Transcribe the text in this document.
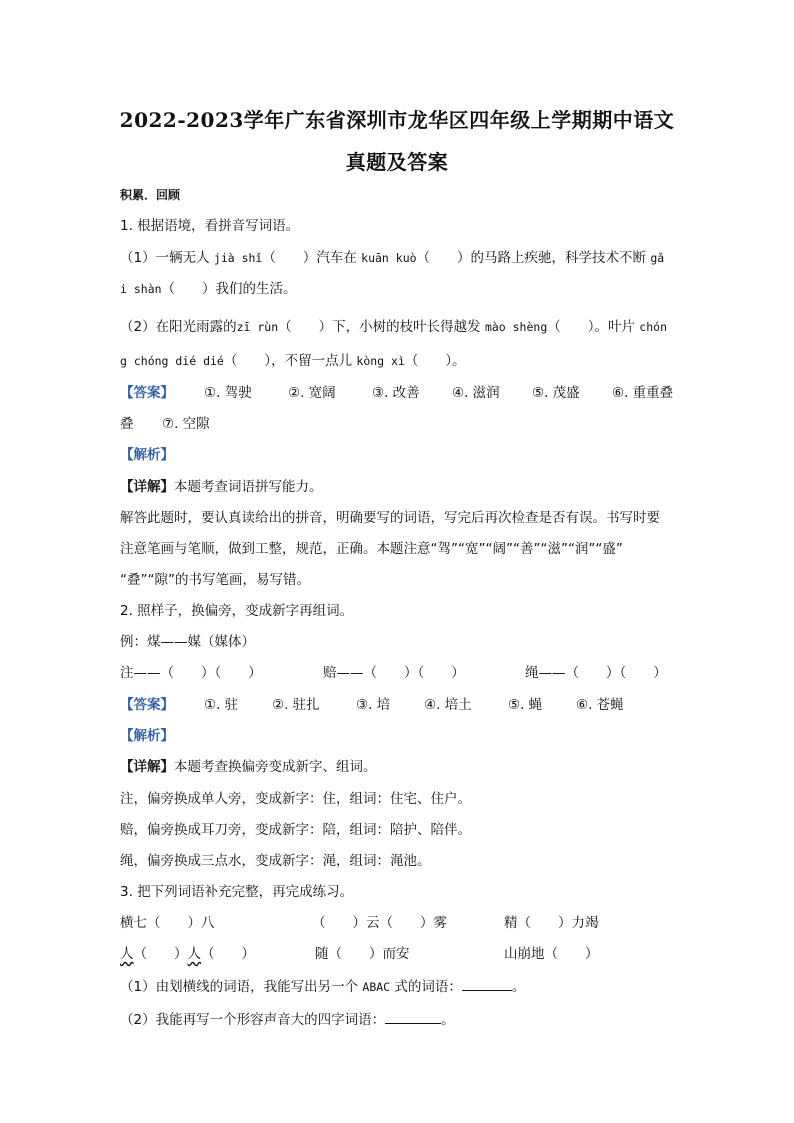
2022-2023学年广东省深圳市龙华区四年级上学期期中语文
真题及答案
积累．回顾
1. 根据语境，看拼音写词语。
（1）一辆无人 jià shǐ（　　）汽车在 kuān kuò（　　）的马路上疾驰，科学技术不断 gǎ
i shàn（　　）我们的生活。
（2）在阳光雨露的zī rùn（　　）下，小树的枝叶长得越发 mào shèng（　　）。叶片 chón
g chóng dié dié（　　），不留一点儿 kòng xì（　　）。
【答案】 ①. 驾驶	②. 宽阔	③. 改善 ④. 滋润 ⑤. 茂盛 ⑥. 重重叠
叠 ⑦. 空隙
【解析】
【详解】本题考查词语拼写能力。
解答此题时，要认真读给出的拼音，明确要写的词语，写完后再次检查是否有误。书写时要
注意笔画与笔顺，做到工整，规范，正确。本题注意“驾”“宽”“阔”“善”“滋”“润”“盛”
“叠”“隙”的书写笔画，易写错。
2. 照样子，换偏旁，变成新字再组词。
例：煤——媒（媒体）
注——（　　）（　　）	赔——（　　）（　　）	绳——（　　）（　　）
【答案】 ①. 驻	②. 驻扎	③. 培	④. 培土	⑤. 蝇	⑥. 苍蝇
【解析】
【详解】本题考查换偏旁变成新字、组词。
注，偏旁换成单人旁，变成新字：住，组词：住宅、住户。
赔，偏旁换成耳刀旁，变成新字：陪，组词：陪护、陪伴。
绳，偏旁换成三点水，变成新字：渑，组词：渑池。
3. 把下列词语补充完整，再完成练习。
横七（　　）八	（　　）云（　　）雾	精（　　）力竭
人（　　）人（　　）	随（　　）而安	山崩地（　　）
（1）由划横线的词语，我能写出另一个 ABAC 式的词语：	。
（2）我能再写一个形容声音大的四字词语：	。
